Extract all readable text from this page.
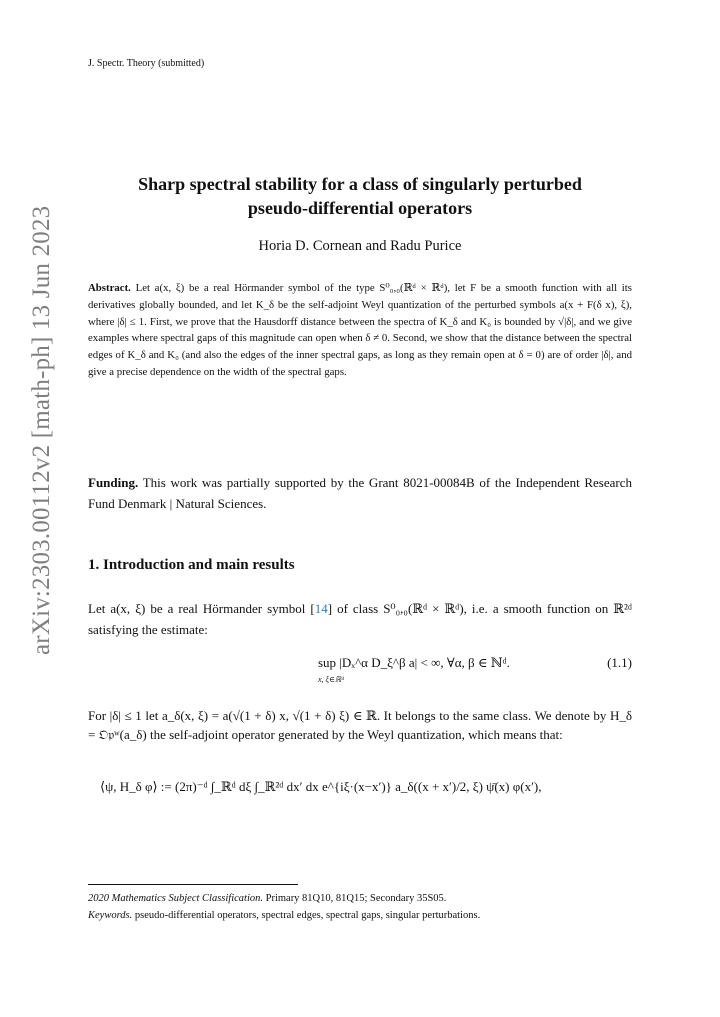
J. Spectr. Theory (submitted)
arXiv:2303.00112v2 [math-ph] 13 Jun 2023
Sharp spectral stability for a class of singularly perturbed
pseudo-differential operators
Horia D. Cornean and Radu Purice
Abstract. Let a(x, ξ) be a real Hörmander symbol of the type S⁰₀,₀(ℝᵈ × ℝᵈ), let F be a smooth function with all its derivatives globally bounded, and let K_δ be the self-adjoint Weyl quantization of the perturbed symbols a(x + F(δ x), ξ), where |δ| ≤ 1. First, we prove that the Hausdorff distance between the spectra of K_δ and K₀ is bounded by √|δ|, and we give examples where spectral gaps of this magnitude can open when δ ≠ 0. Second, we show that the distance between the spectral edges of K_δ and K₀ (and also the edges of the inner spectral gaps, as long as they remain open at δ = 0) are of order |δ|, and give a precise dependence on the width of the spectral gaps.
Funding. This work was partially supported by the Grant 8021-00084B of the Independent Research Fund Denmark | Natural Sciences.
1. Introduction and main results
Let a(x, ξ) be a real Hörmander symbol [14] of class S⁰₀,₀(ℝᵈ × ℝᵈ), i.e. a smooth function on ℝ²ᵈ satisfying the estimate:
sup |Dₓ^α D_ξ^β a| < ∞, ∀α, β ∈ ℕᵈ.
x, ξ∈ℝᵈ
(1.1)
For |δ| ≤ 1 let a_δ(x, ξ) = a(√(1 + δ) x, √(1 + δ) ξ) ∈ ℝ. It belongs to the same class. We denote by H_δ = 𝔒𝔭ʷ(a_δ) the self-adjoint operator generated by the Weyl quantization, which means that:
⟨ψ, H_δ φ⟩ := (2π)⁻ᵈ ∫_ℝᵈ dξ ∫_ℝ²ᵈ dx′ dx e^{iξ·(x−x′)} a_δ((x + x′)/2, ξ) ψ̄(x) φ(x′),
2020 Mathematics Subject Classification. Primary 81Q10, 81Q15; Secondary 35S05.
Keywords. pseudo-differential operators, spectral edges, spectral gaps, singular perturbations.
